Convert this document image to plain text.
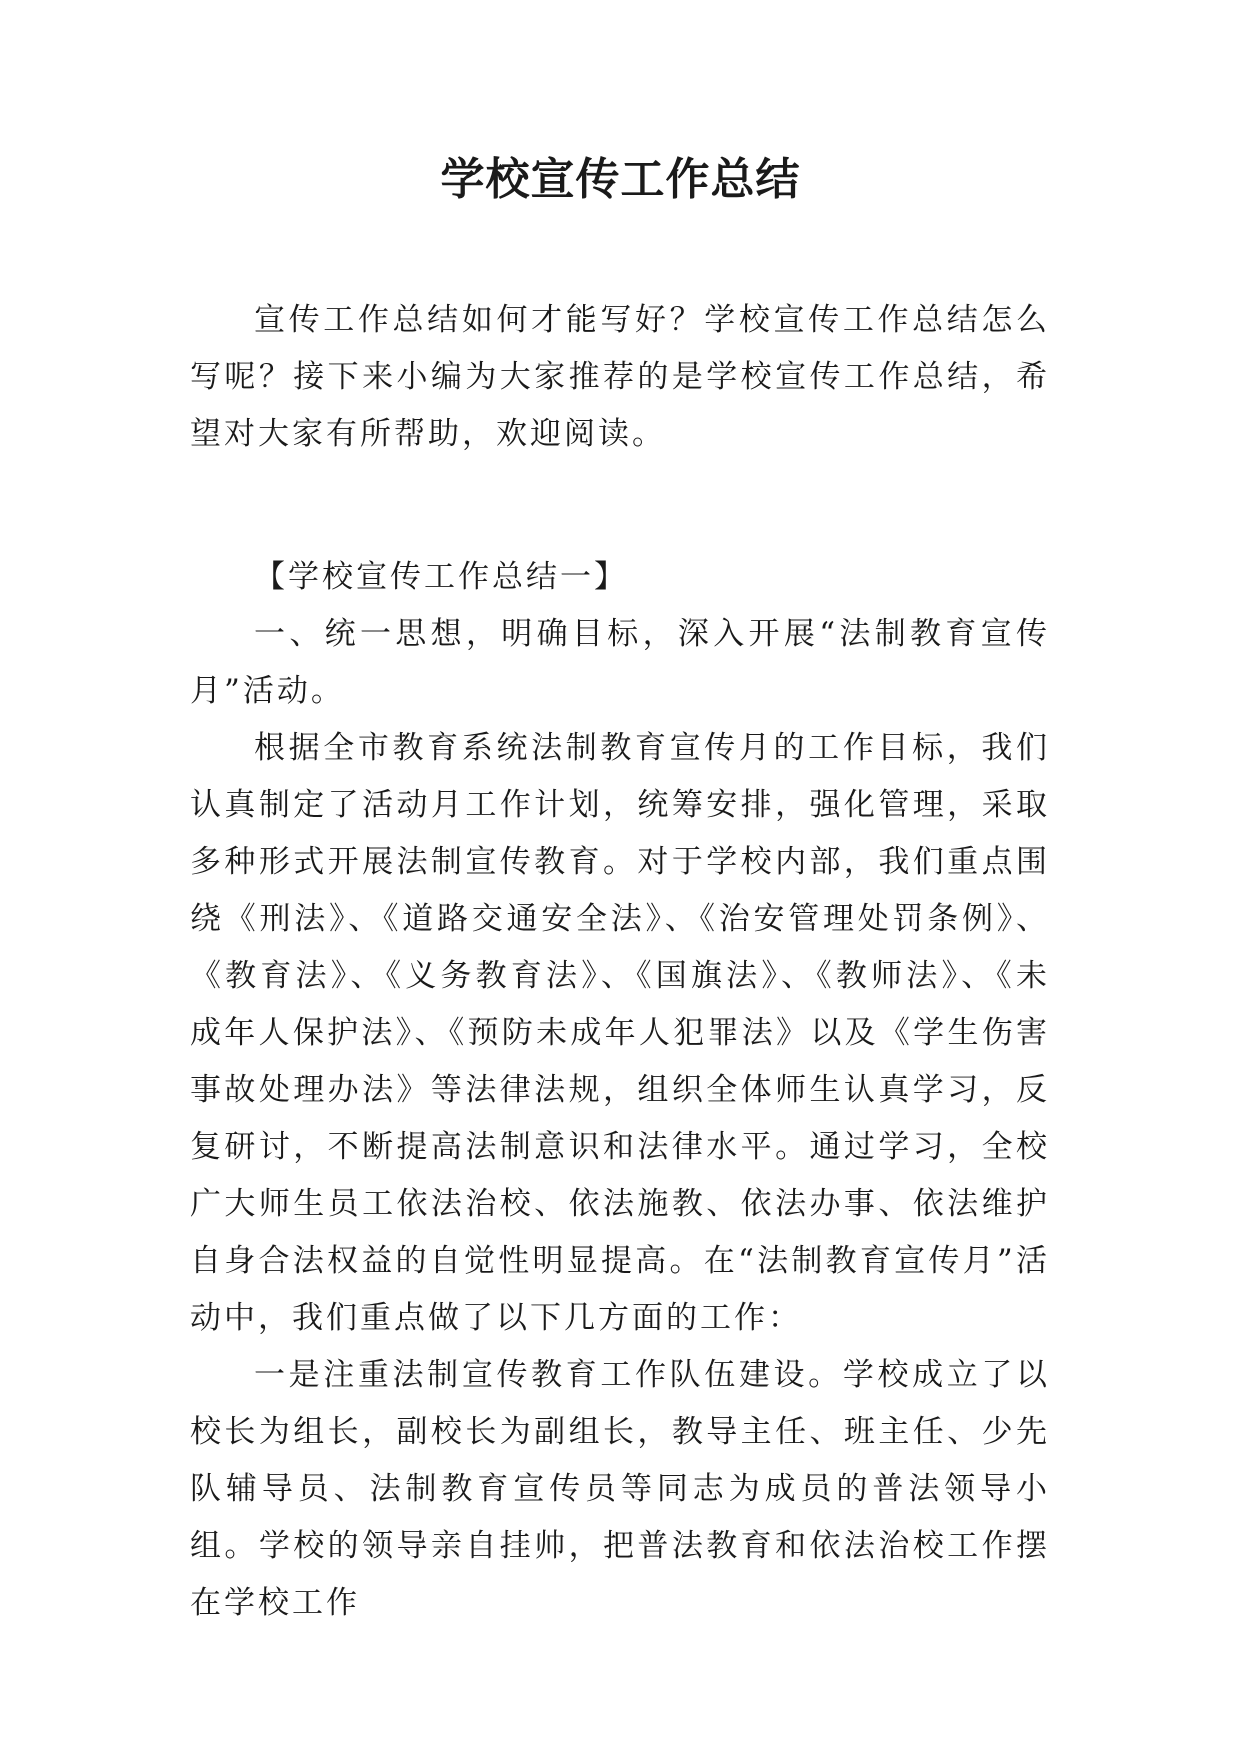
学校宣传工作总结

宣传工作总结如何才能写好？学校宣传工作总结怎么写呢？接下来小编为大家推荐的是学校宣传工作总结，希望对大家有所帮助，欢迎阅读。

【学校宣传工作总结一】

一、统一思想，明确目标，深入开展“法制教育宣传月”活动。

根据全市教育系统法制教育宣传月的工作目标，我们认真制定了活动月工作计划，统筹安排，强化管理，采取多种形式开展法制宣传教育。对于学校内部，我们重点围绕《刑法》、《道路交通安全法》、《治安管理处罚条例》、《教育法》、《义务教育法》、《国旗法》、《教师法》、《未成年人保护法》、《预防未成年人犯罪法》以及《学生伤害事故处理办法》等法律法规，组织全体师生认真学习，反复研讨，不断提高法制意识和法律水平。通过学习，全校广大师生员工依法治校、依法施教、依法办事、依法维护自身合法权益的自觉性明显提高。在“法制教育宣传月”活动中，我们重点做了以下几方面的工作：

一是注重法制宣传教育工作队伍建设。学校成立了以校长为组长，副校长为副组长，教导主任、班主任、少先队辅导员、法制教育宣传员等同志为成员的普法领导小组。学校的领导亲自挂帅，把普法教育和依法治校工作摆在学校工作
